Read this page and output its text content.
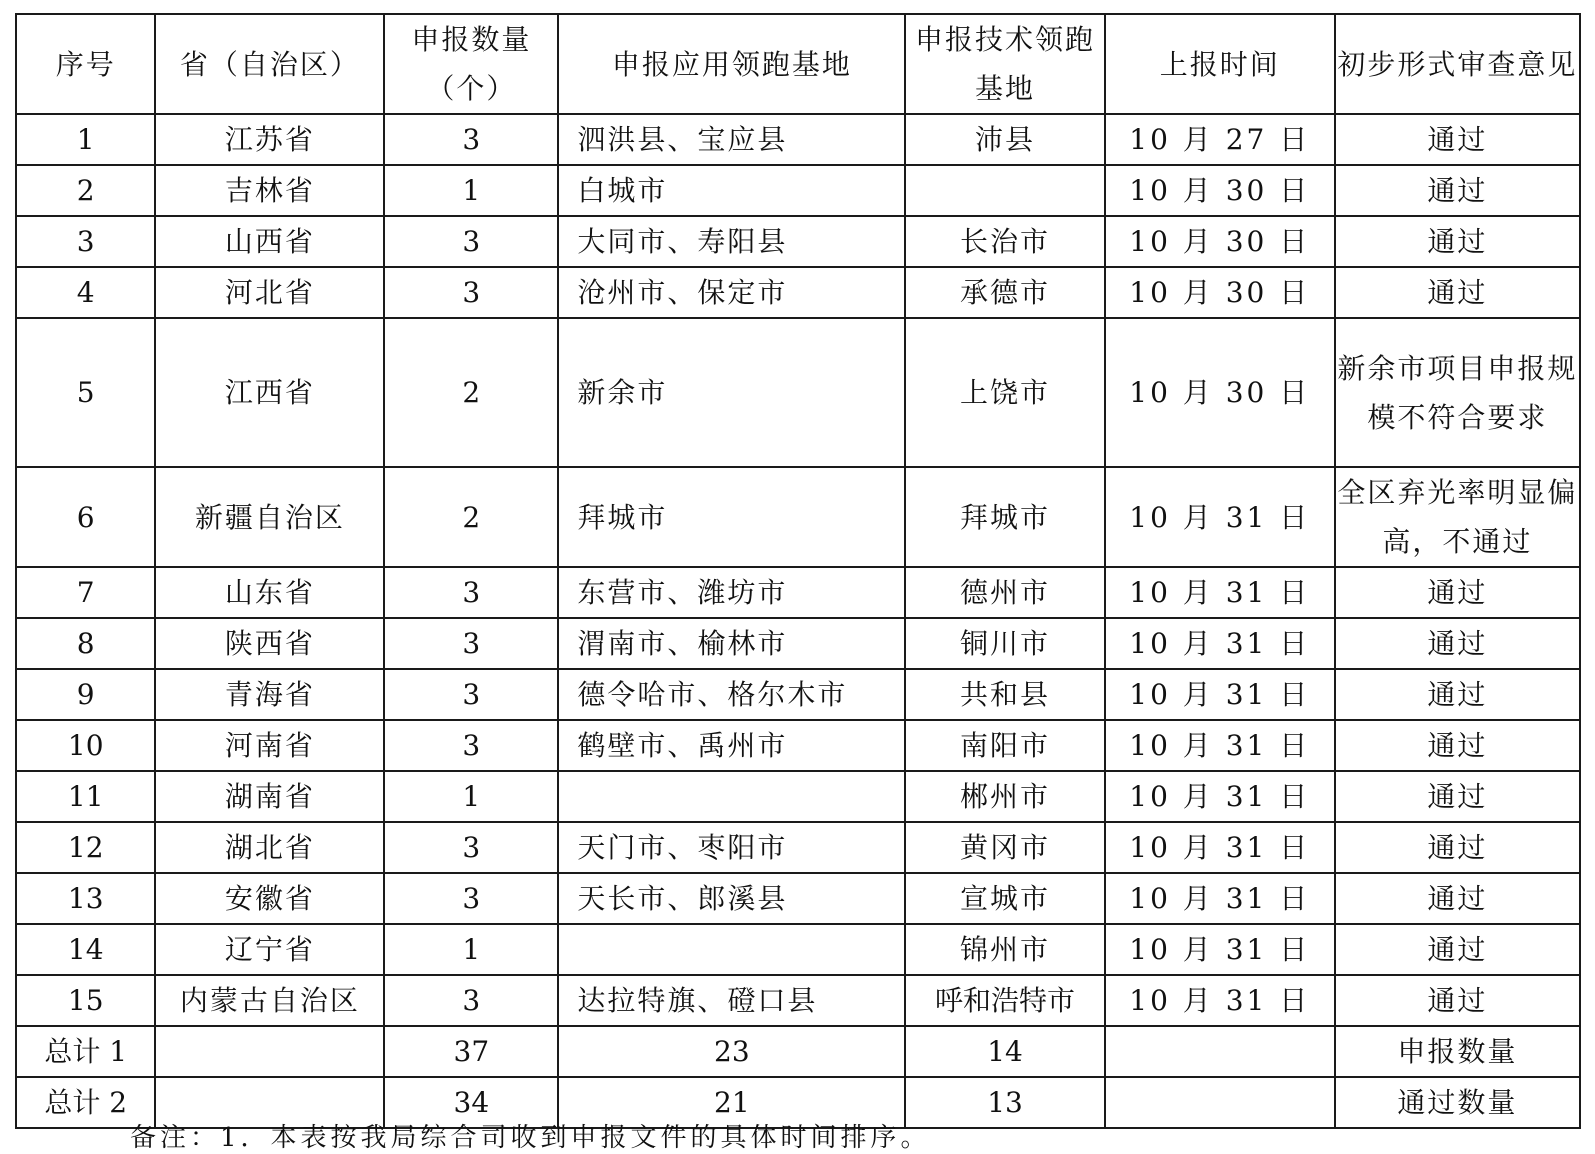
序号	省（自治区）	申报数量（个）	申报应用领跑基地	申报技术领跑基地	上报时间	初步形式审查意见
1	江苏省	3	泗洪县、宝应县	沛县	10 月 27 日	通过
2	吉林省	1	白城市		10 月 30 日	通过
3	山西省	3	大同市、寿阳县	长治市	10 月 30 日	通过
4	河北省	3	沧州市、保定市	承德市	10 月 30 日	通过
5	江西省	2	新余市	上饶市	10 月 30 日	新余市项目申报规模不符合要求
6	新疆自治区	2	拜城市	拜城市	10 月 31 日	全区弃光率明显偏高，不通过
7	山东省	3	东营市、潍坊市	德州市	10 月 31 日	通过
8	陕西省	3	渭南市、榆林市	铜川市	10 月 31 日	通过
9	青海省	3	德令哈市、格尔木市	共和县	10 月 31 日	通过
10	河南省	3	鹤壁市、禹州市	南阳市	10 月 31 日	通过
11	湖南省	1		郴州市	10 月 31 日	通过
12	湖北省	3	天门市、枣阳市	黄冈市	10 月 31 日	通过
13	安徽省	3	天长市、郎溪县	宣城市	10 月 31 日	通过
14	辽宁省	1		锦州市	10 月 31 日	通过
15	内蒙古自治区	3	达拉特旗、磴口县	呼和浩特市	10 月 31 日	通过
总计 1		37	23	14		申报数量
总计 2		34	21	13		通过数量
备注：1．本表按我局综合司收到申报文件的具体时间排序。
